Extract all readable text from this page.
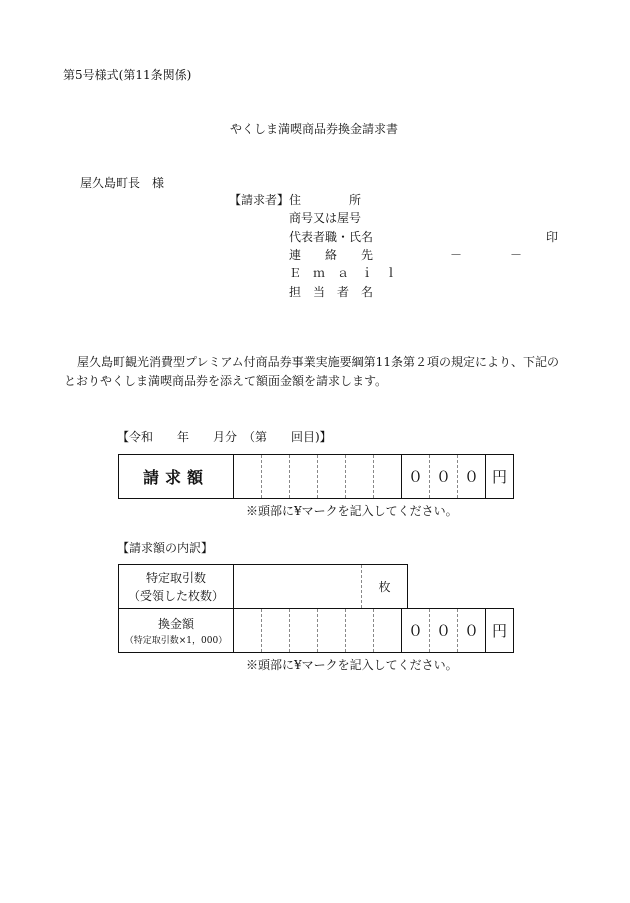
第5号様式(第11条関係)
やくしま満喫商品券換金請求書
屋久島町長　様
【請求者】 住　　　　所
商号又は屋号
代表者職・氏名	印
連　　絡　　先	－	－
Ｅ　ｍ　ａ　ｉ　ｌ
担　当　者　名
屋久島町観光消費型プレミアム付商品券事業実施要綱第11条第２項の規定により、下記の
とおりやくしま満喫商品券を添えて額面金額を請求します。
【令和　　年　　月分　（第　　回目)】
請求額							０	０	０	円
※頭部に¥マークを記入してください。
【請求額の内訳】
特定取引数
（受領した枚数）
		枚
換金額
（特定取引数×1，000）
							０	０	０	円
※頭部に¥マークを記入してください。
